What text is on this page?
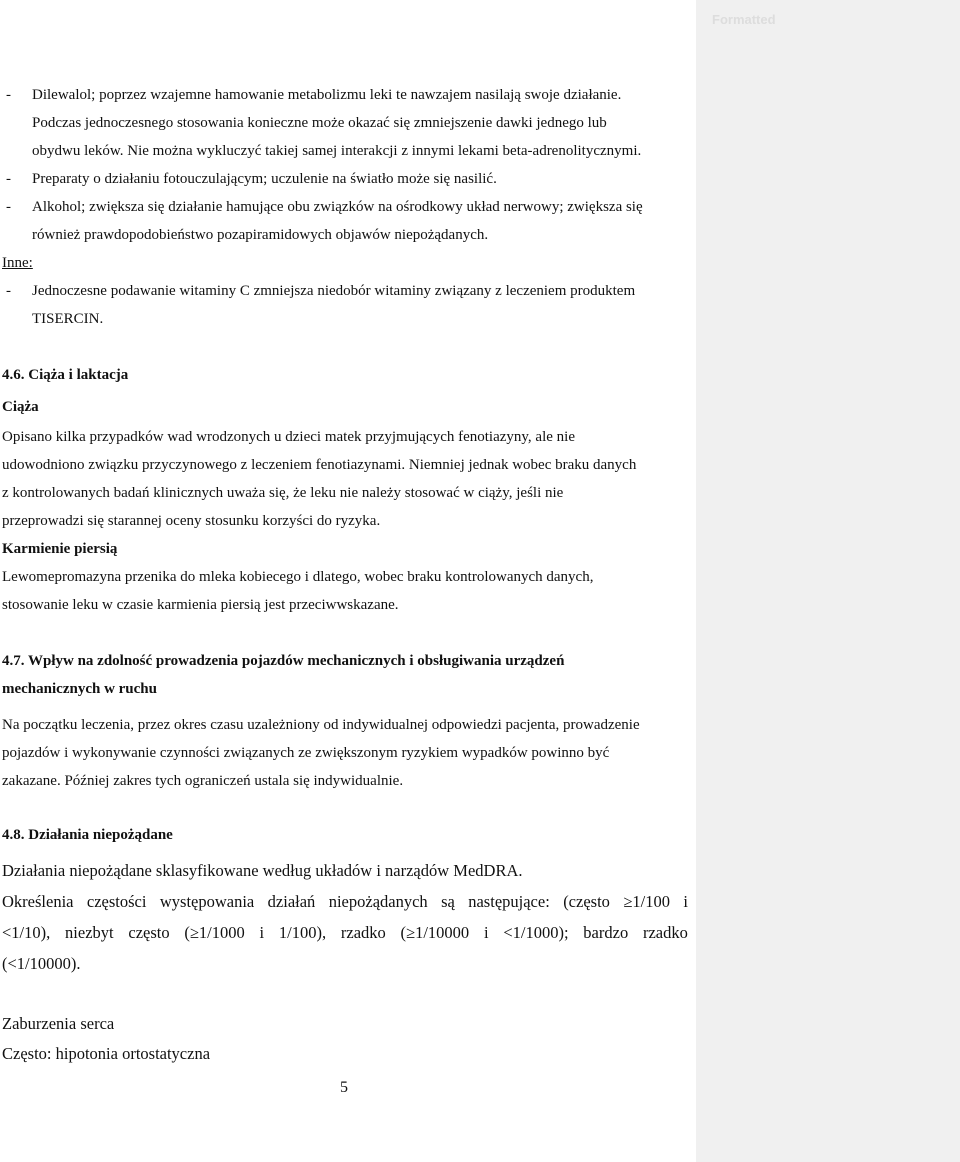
Formatted
- Dilewalol; poprzez wzajemne hamowanie metabolizmu leki te nawzajem nasilają swoje działanie.

Podczas jednoczesnego stosowania konieczne może okazać się zmniejszenie dawki jednego lub

obydwu leków. Nie można wykluczyć takiej samej interakcji z innymi lekami beta-adrenolitycznymi.

- Preparaty o działaniu fotouczulającym; uczulenie na światło może się nasilić.

- Alkohol; zwiększa się działanie hamujące obu związków na ośrodkowy układ nerwowy; zwiększa się

również prawdopodobieństwo pozapiramidowych objawów niepożądanych.

Inne:

- Jednoczesne podawanie witaminy C zmniejsza niedobór witaminy związany z leczeniem produktem

TISERCIN.

4.6. Ciąża i laktacja

Ciąża

Opisano kilka przypadków wad wrodzonych u dzieci matek przyjmujących fenotiazyny, ale nie

udowodniono związku przyczynowego z leczeniem fenotiazynami. Niemniej jednak wobec braku danych

z kontrolowanych badań klinicznych uważa się, że leku nie należy stosować w ciąży, jeśli nie

przeprowadzi się starannej oceny stosunku korzyści do ryzyka.

Karmienie piersią

Lewomepromazyna przenika do mleka kobiecego i dlatego, wobec braku kontrolowanych danych,

stosowanie leku w czasie karmienia piersią jest przeciwwskazane.

4.7. Wpływ na zdolność prowadzenia pojazdów mechanicznych i obsługiwania urządzeń

mechanicznych w ruchu

Na początku leczenia, przez okres czasu uzależniony od indywidualnej odpowiedzi pacjenta, prowadzenie

pojazdów i wykonywanie czynności związanych ze zwiększonym ryzykiem wypadków powinno być

zakazane. Później zakres tych ograniczeń ustala się indywidualnie.

4.8. Działania niepożądane

Działania niepożądane sklasyfikowane według układów i narządów MedDRA.

Określenia częstości występowania działań niepożądanych są następujące: (często ≥1/100 i

<1/10), niezbyt często (≥1/1000 i 1/100), rzadko (≥1/10000 i <1/1000); bardzo rzadko

(<1/10000).

Zaburzenia serca

Często: hipotonia ortostatyczna

5
